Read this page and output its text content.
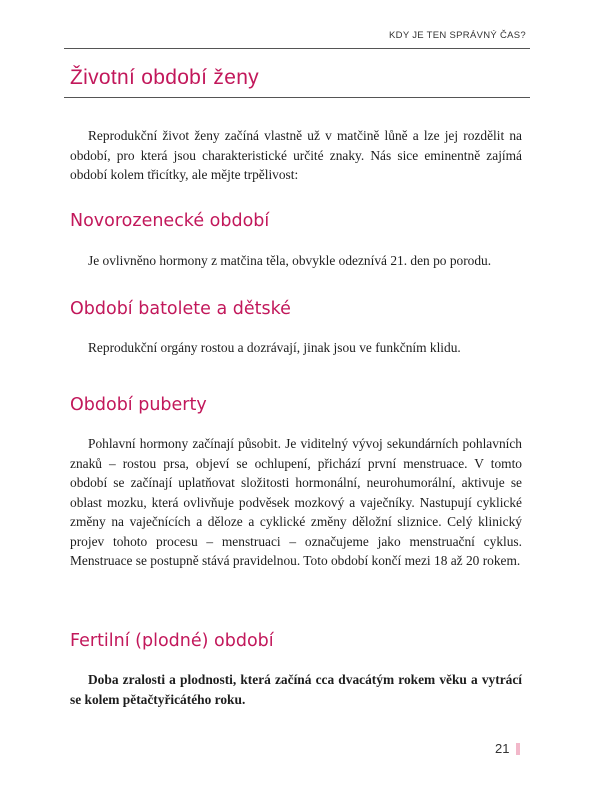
KDY JE TEN SPRÁVNÝ ČAS?
Životní období ženy

Reprodukční život ženy začíná vlastně už v matčině lůně a lze jej rozdělit na období, pro která jsou charakteristické určité znaky. Nás sice eminentně zajímá období kolem třicítky, ale mějte trpělivost:

Novorozenecké období

Je ovlivněno hormony z matčina těla, obvykle odeznívá 21. den po porodu.

Období batolete a dětské

Reprodukční orgány rostou a dozrávají, jinak jsou ve funkčním klidu.

Období puberty

Pohlavní hormony začínají působit. Je viditelný vývoj sekundárních pohlavních znaků – rostou prsa, objeví se ochlupení, přichází první menstruace. V tomto období se začínají uplatňovat složitosti hormonální, neurohumorální, aktivuje se oblast mozku, která ovlivňuje podvěsek mozkový a vaječníky. Nastupují cyklické změny na vaječnících a děloze a cyklické změny děložní sliznice. Celý klinický projev tohoto procesu – menstruaci – označujeme jako menstruační cyklus. Menstruace se postupně stává pravidelnou. Toto období končí mezi 18 až 20 rokem.

Fertilní (plodné) období

Doba zralosti a plodnosti, která začíná cca dvacátým rokem věku a vytrácí se kolem pětačtyřicátého roku.

21
